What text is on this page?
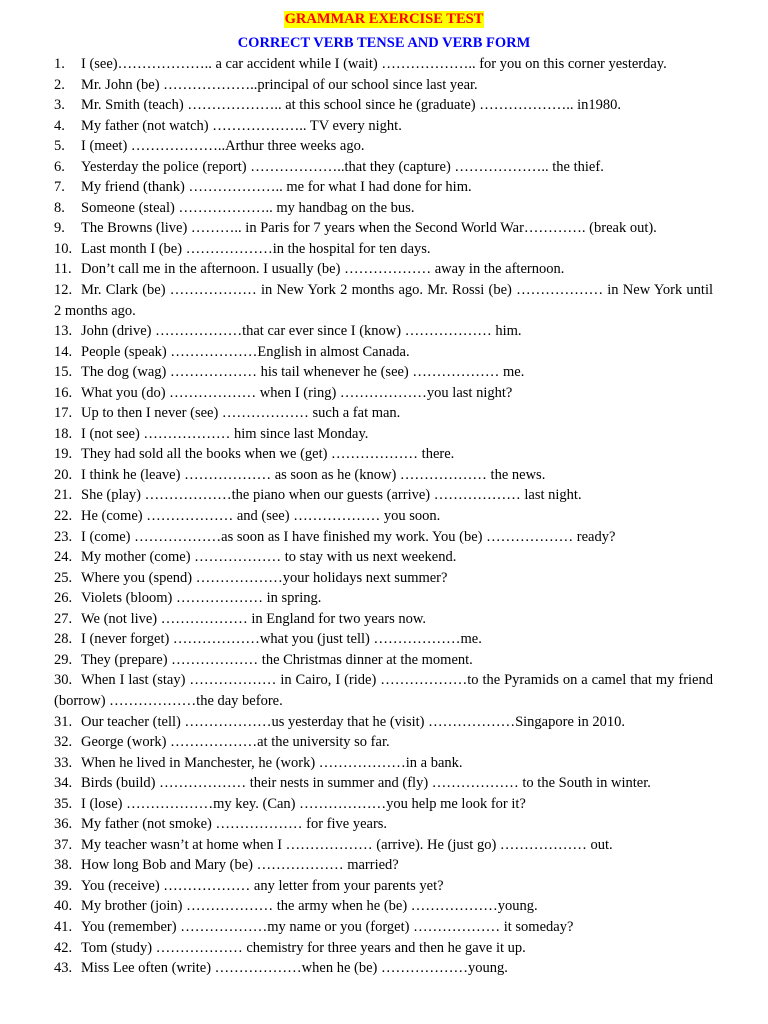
GRAMMAR EXERCISE TEST
CORRECT VERB TENSE AND VERB FORM
1. I (see)……………….. a car accident while I (wait) ……………….. for you on this corner yesterday.
2. Mr. John (be) ………………..principal of our school since last year.
3. Mr. Smith (teach) ……………….. at this school since he (graduate) ……………….. in1980.
4. My father (not watch) ……………….. TV every night.
5. I (meet) ………………..Arthur three weeks ago.
6. Yesterday the police (report) ………………..that they (capture) ……………….. the thief.
7. My friend (thank) ……………….. me for what I had done for him.
8. Someone (steal) ……………….. my handbag on the bus.
9. The Browns (live) ……….. in Paris for 7 years when the Second World War…………. (break out).
10. Last month I (be) ………………in the hospital for ten days.
11. Don’t call me in the afternoon. I usually (be) ……………… away in the afternoon.
12. Mr. Clark (be) ……………… in New York 2 months ago. Mr. Rossi (be) ……………… in New York until 2 months ago.
13. John (drive) ………………that car ever since I (know) ……………… him.
14. People (speak) ………………English in almost Canada.
15. The dog (wag) ……………… his tail whenever he (see) ……………… me.
16. What you (do) ……………… when I (ring) ………………you last night?
17. Up to then I never (see) ……………… such a fat man.
18. I (not see) ……………… him since last Monday.
19. They had sold all the books when we (get) ……………… there.
20. I think he (leave) ……………… as soon as he (know) ……………… the news.
21. She (play) ………………the piano when our guests (arrive) ……………… last night.
22. He (come) ……………… and (see) ……………… you soon.
23. I (come) ………………as soon as I have finished my work. You (be) ……………… ready?
24. My mother (come) ……………… to stay with us next weekend.
25. Where you (spend) ………………your holidays next summer?
26. Violets (bloom) ……………… in spring.
27. We (not live) ……………… in England for two years now.
28. I (never forget) ………………what you (just tell) ………………me.
29. They (prepare) ……………… the Christmas dinner at the moment.
30. When I last (stay) ……………… in Cairo, I (ride) ………………to the Pyramids on a camel that my friend (borrow) ………………the day before.
31. Our teacher (tell) ………………us yesterday that he (visit) ………………Singapore in 2010.
32. George (work) ………………at the university so far.
33. When he lived in Manchester, he (work) ………………in a bank.
34. Birds (build) ……………… their nests in summer and (fly) ……………… to the South in winter.
35. I (lose) ………………my key. (Can) ………………you help me look for it?
36. My father (not smoke) ……………… for five years.
37. My teacher wasn’t at home when I ……………… (arrive). He (just go) ……………… out.
38. How long Bob and Mary (be) ……………… married?
39. You (receive) ……………… any letter from your parents yet?
40. My brother (join) ……………… the army when he (be) ………………young.
41. You (remember) ………………my name or you (forget) ……………… it someday?
42. Tom (study) ……………… chemistry for three years and then he gave it up.
43. Miss Lee often (write) ………………when he (be) ………………young.
